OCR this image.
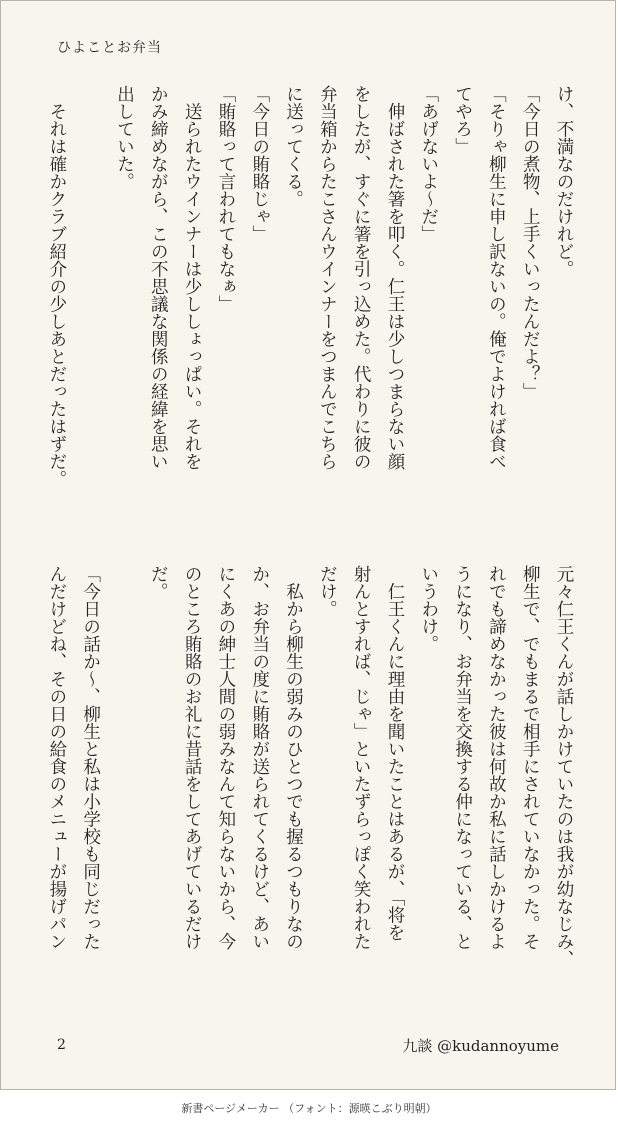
ひよことお弁当
け、不満なのだけれど。
「今日の煮物、上手くいったんだよ？」
「そりゃ柳生に申し訳ないの。俺でよければ食べ
てやろ」
「あげないよ〜だ」
　伸ばされた箸を叩く。仁王は少しつまらない顔
をしたが、すぐに箸を引っ込めた。代わりに彼の
弁当箱からたこさんウインナーをつまんでこちら
に送ってくる。
「今日の賄賂じゃ」
「賄賂って言われてもなぁ」
　送られたウインナーは少ししょっぱい。それを
かみ締めながら、この不思議な関係の経緯を思い
出していた。
　それは確かクラブ紹介の少しあとだったはずだ。
元々仁王くんが話しかけていたのは我が幼なじみ、
柳生で、でもまるで相手にされていなかった。そ
れでも諦めなかった彼は何故か私に話しかけるよ
うになり、お弁当を交換する仲になっている、と
いうわけ。
　仁王くんに理由を聞いたことはあるが、「将を
射んとすれば、じゃ」といたずらっぽく笑われた
だけ。
　私から柳生の弱みのひとつでも握るつもりなの
か、お弁当の度に賄賂が送られてくるけど、あい
にくあの紳士人間の弱みなんて知らないから、今
のところ賄賂のお礼に昔話をしてあげているだけ
だ。
「今日の話か〜、柳生と私は小学校も同じだった
んだけどね、その日の給食のメニューが揚げパン
2	九談 @kudannoyume
新書ページメーカー （フォント：源暎こぶり明朝）
